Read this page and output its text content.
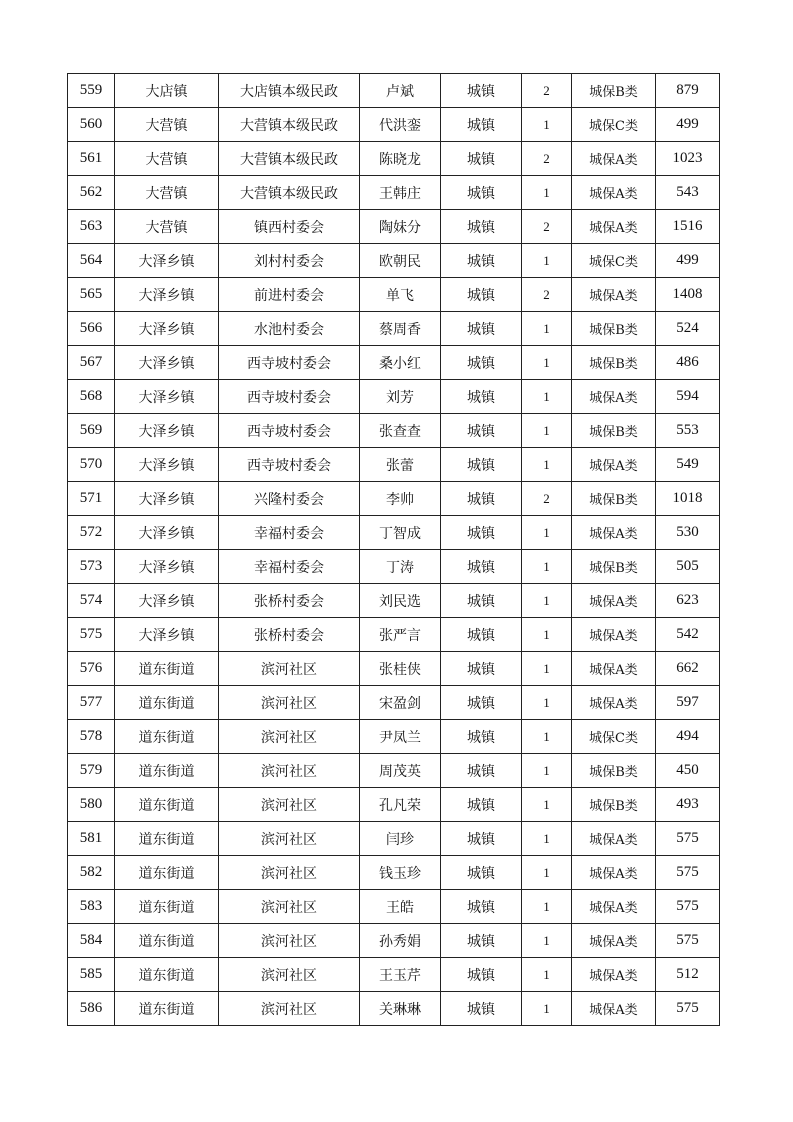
559	大店镇	大店镇本级民政	卢斌	城镇	2	城保B类	879
560	大营镇	大营镇本级民政	代洪銮	城镇	1	城保C类	499
561	大营镇	大营镇本级民政	陈晓龙	城镇	2	城保A类	1023
562	大营镇	大营镇本级民政	王韩庄	城镇	1	城保A类	543
563	大营镇	镇西村委会	陶妹分	城镇	2	城保A类	1516
564	大泽乡镇	刘村村委会	欧朝民	城镇	1	城保C类	499
565	大泽乡镇	前进村委会	单飞	城镇	2	城保A类	1408
566	大泽乡镇	水池村委会	蔡周香	城镇	1	城保B类	524
567	大泽乡镇	西寺坡村委会	桑小红	城镇	1	城保B类	486
568	大泽乡镇	西寺坡村委会	刘芳	城镇	1	城保A类	594
569	大泽乡镇	西寺坡村委会	张查查	城镇	1	城保B类	553
570	大泽乡镇	西寺坡村委会	张蕾	城镇	1	城保A类	549
571	大泽乡镇	兴隆村委会	李帅	城镇	2	城保B类	1018
572	大泽乡镇	幸福村委会	丁智成	城镇	1	城保A类	530
573	大泽乡镇	幸福村委会	丁涛	城镇	1	城保B类	505
574	大泽乡镇	张桥村委会	刘民选	城镇	1	城保A类	623
575	大泽乡镇	张桥村委会	张严言	城镇	1	城保A类	542
576	道东街道	滨河社区	张桂侠	城镇	1	城保A类	662
577	道东街道	滨河社区	宋盈剑	城镇	1	城保A类	597
578	道东街道	滨河社区	尹凤兰	城镇	1	城保C类	494
579	道东街道	滨河社区	周茂英	城镇	1	城保B类	450
580	道东街道	滨河社区	孔凡荣	城镇	1	城保B类	493
581	道东街道	滨河社区	闫珍	城镇	1	城保A类	575
582	道东街道	滨河社区	钱玉珍	城镇	1	城保A类	575
583	道东街道	滨河社区	王皓	城镇	1	城保A类	575
584	道东街道	滨河社区	孙秀娟	城镇	1	城保A类	575
585	道东街道	滨河社区	王玉芹	城镇	1	城保A类	512
586	道东街道	滨河社区	关琳琳	城镇	1	城保A类	575
